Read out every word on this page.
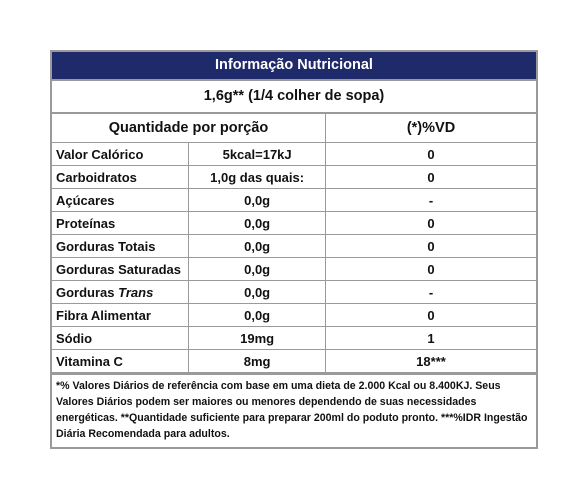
Informação Nutricional
1,6g** (1/4 colher de sopa)
Quantidade por porção		(*)%VD
Valor Calórico	5kcal=17kJ	0
Carboidratos	1,0g das quais:	0
Açúcares	0,0g	-
Proteínas	0,0g	0
Gorduras Totais	0,0g	0
Gorduras Saturadas	0,0g	0
Gorduras Trans	0,0g	-
Fibra Alimentar	0,0g	0
Sódio	19mg	1
Vitamina C	8mg	18***
*% Valores Diários de referência com base em uma dieta de 2.000 Kcal ou 8.400KJ. Seus Valores Diários podem ser maiores ou menores dependendo de suas necessidades energéticas. **Quantidade suficiente para preparar 200ml do poduto pronto. ***%IDR Ingestão Diária Recomendada para adultos.
